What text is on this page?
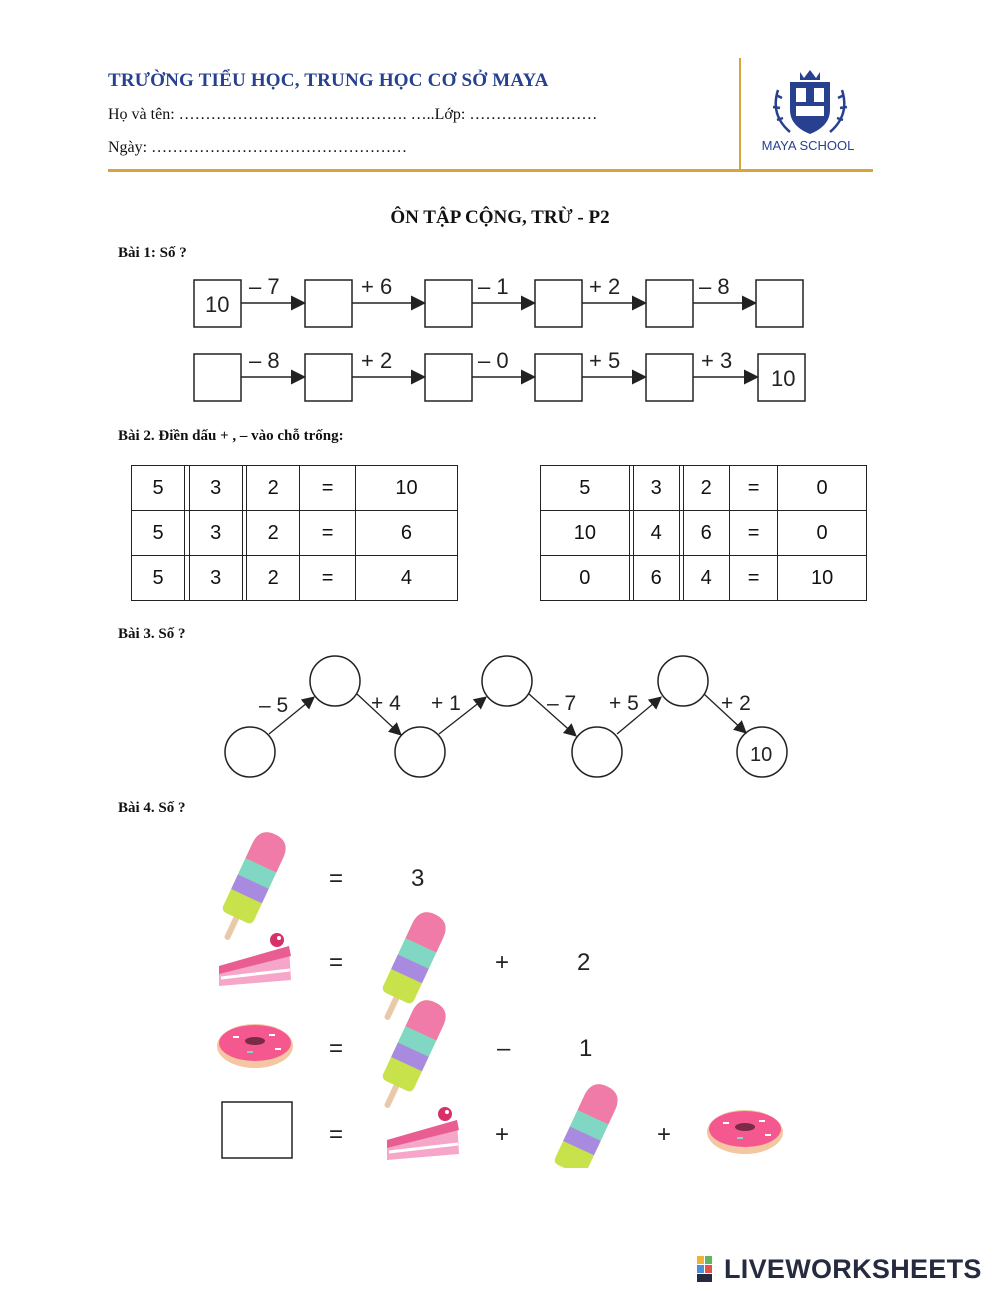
TRƯỜNG TIỂU HỌC, TRUNG HỌC CƠ SỞ MAYA
Họ và tên: ……………………………………. …..Lớp: ……………………
Ngày: …………………………………………	MAYA SCHOOL
ÔN TẬP CỘNG, TRỪ - P2
Bài 1: Số ?
10
– 7	+ 6	– 1	+ 2	– 8
10
– 8	+ 2	– 0	+ 5	+ 3
Bài 2. Điền dấu + , – vào chỗ trống:
5		3		2	=	10
5		3		2	=	6
5		3		2	=	4
5		3		2	=	0
10		4		6	=	0
0		6		4	=	10
Bài 3. Số ?
– 5	+ 4 + 1	– 7 + 5	+ 2
10
Bài 4. Số ?
=	3
=	+	2
=	–	1
=	+	+
LIVEWORKSHEETS
